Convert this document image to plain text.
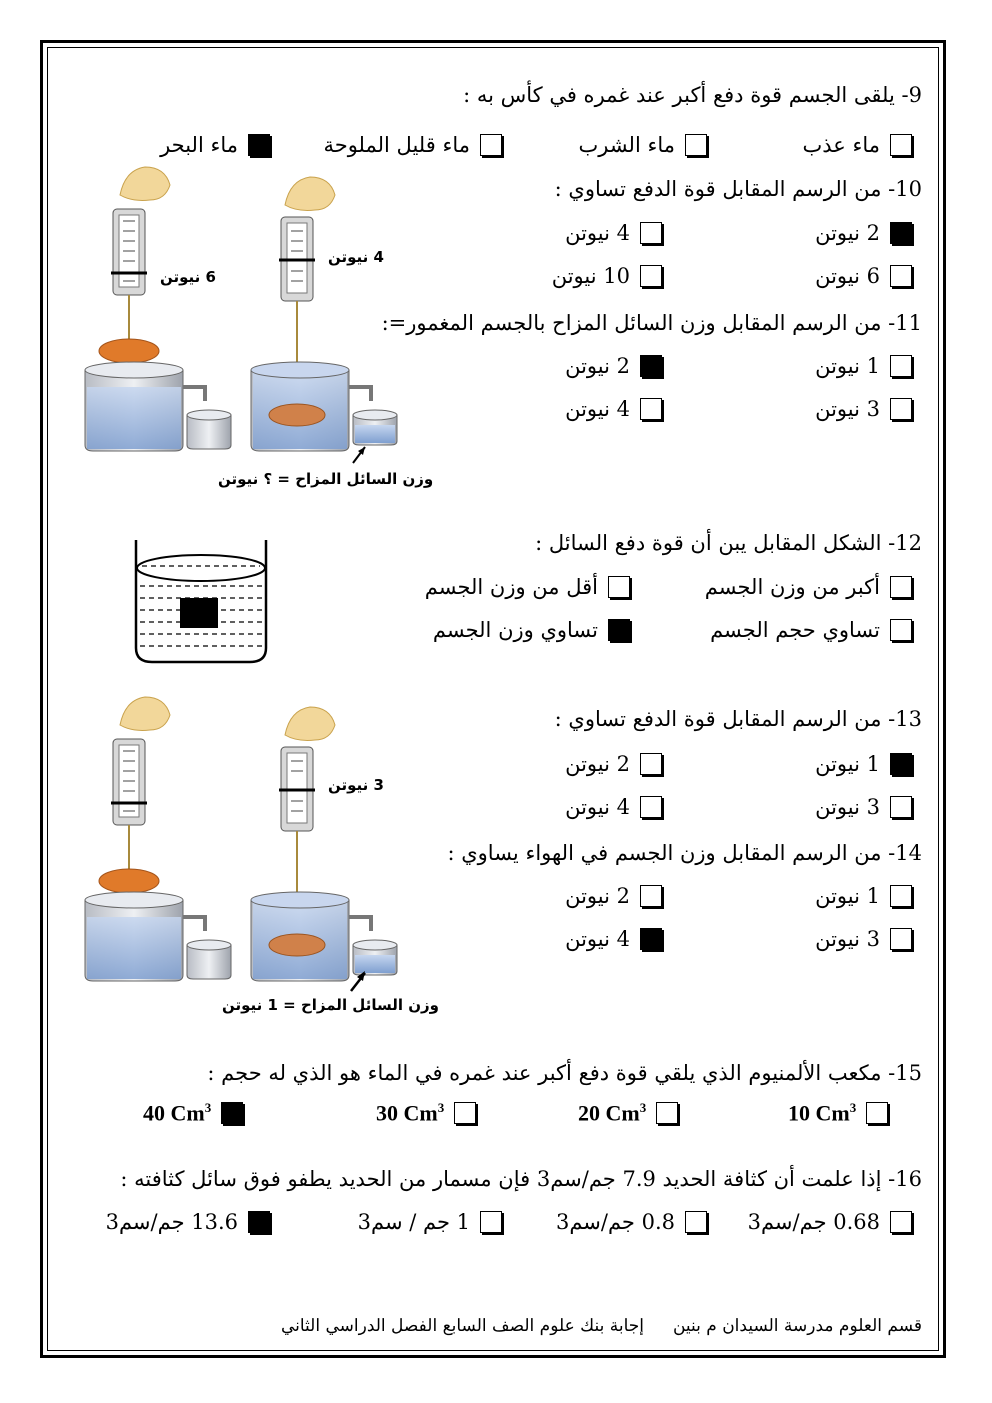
9- يلقى الجسم قوة دفع أكبر عند غمره في كأس به :
ماء عذب
ماء الشرب
ماء قليل الملوحة
ماء البحر
10- من الرسم المقابل قوة الدفع تساوي :
2 نيوتن
4 نيوتن
6 نيوتن
10 نيوتن
11- من الرسم المقابل وزن السائل المزاح بالجسم المغمور=:
1 نيوتن
2 نيوتن
3 نيوتن
4 نيوتن
6 نيوتن
4 نيوتن
وزن السائل المزاح = ؟ نيوتن
12- الشكل المقابل يبن أن قوة دفع السائل :
أكبر من وزن الجسم
أقل من وزن الجسم
تساوي حجم الجسم
تساوي وزن الجسم
13- من الرسم المقابل قوة الدفع تساوي :
1 نيوتن
2 نيوتن
3 نيوتن
4 نيوتن
14- من الرسم المقابل وزن الجسم في الهواء يساوي :
1 نيوتن
2 نيوتن
3 نيوتن
4 نيوتن
3 نيوتن
وزن السائل المزاح = 1 نيوتن
15- مكعب الألمنيوم الذي يلقي قوة دفع أكبر عند غمره في الماء هو الذي له حجم :
10 Cm$^3$
20 Cm$^3$
30 Cm$^3$
40 Cm$^3$
16- إذا علمت أن كثافة الحديد 7.9 جم/سم3 فإن مسمار من الحديد يطفو فوق سائل كثافته :
0.68 جم/سم3
0.8 جم/سم3
1 جم / سم3
13.6 جم/سم3
قسم العلوم مدرسة السيدان م بنين
إجابة بنك علوم الصف السابع الفصل الدراسي الثاني
